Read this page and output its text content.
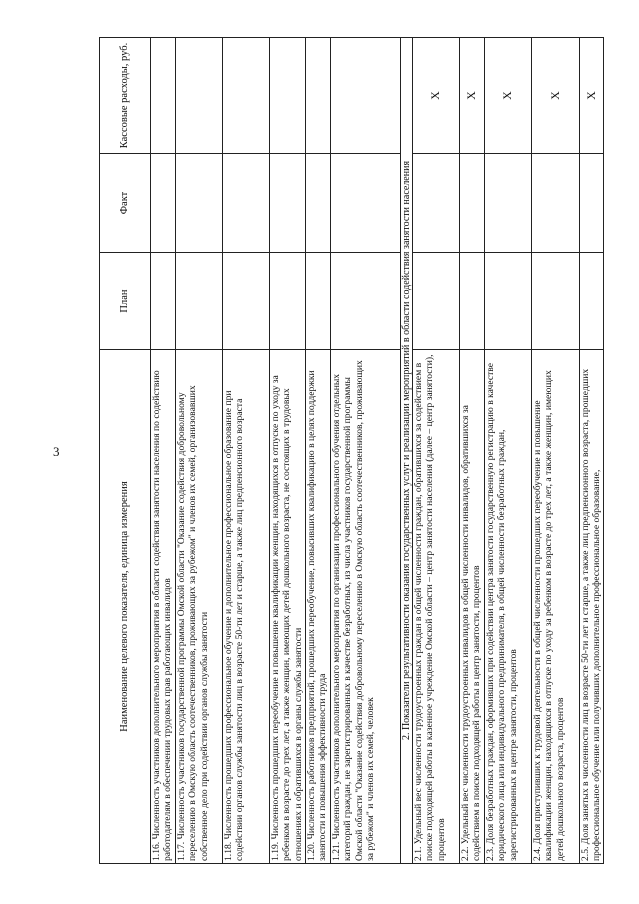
3
Наименование целевого показателя, единица измерения	План	Факт	Кассовые расходы, руб.
1.16. Численность участников дополнительного мероприятия в области содействия занятости населения по содействию работодателям в обеспечении трудовых прав работающих инвалидов			
1.17. Численность участников государственной программы Омской области "Оказание содействия добровольному переселению в Омскую область соотечественников, проживающих за рубежом" и членов их семей, организовавших собственное дело при содействии органов службы занятости			
1.18. Численность прошедших профессиональное обучение и дополнительное профессиональное образование при содействии органов службы занятости лиц в возрасте 50-ти лет и старше, а также лиц предпенсионного возраста			
1.19. Численность прошедших переобучение и повышение квалификации женщин, находящихся в отпуске по уходу за ребенком в возрасте до трех лет, а также женщин, имеющих детей дошкольного возраста, не состоящих в трудовых отношениях и обратившихся в органы службы занятости			
1.20. Численность работников предприятий, прошедших переобучение, повысивших квалификацию в целях поддержки занятости и повышения эффективности труда			
1.21. Численность участников дополнительного мероприятия по организации профессионального обучения отдельных категорий граждан, не зарегистрированных в качестве безработных, из числа участников государственной программы Омской области "Оказание содействия добровольному переселению в Омскую область соотечественников, проживающих за рубежом" и членов их семей, человек			
2. Показатели результативности оказания государственных услуг и реализации мероприятий в области содействия занятости населения			
2.1. Удельный вес численности трудоустроенных граждан в общей численности граждан, обратившихся за содействием в поиске подходящей работы в казенное учреждение Омской области – центр занятости населения (далее – центр занятости), процентов			X
2.2. Удельный вес численности трудоустроенных инвалидов в общей численности инвалидов, обратившихся за содействием в поиске подходящей работы в центр занятости, процентов			X
2.3. Доля безработных граждан, оформивших при содействии центра занятости государственную регистрацию в качестве юридического лица или индивидуального предпринимателя, в общей численности безработных граждан, зарегистрированных в центре занятости, процентов			X
2.4. Доля приступивших к трудовой деятельности в общей численности прошедших переобучение и повышение квалификации женщин, находящихся в отпуске по уходу за ребенком в возрасте до трех лет, а также женщин, имеющих детей дошкольного возраста, процентов			X
2.5. Доля занятых в численности лиц в возрасте 50-ти лет и старше, а также лиц предпенсионного возраста, прошедших профессиональное обучение или получивших дополнительное профессиональное образование,			X
